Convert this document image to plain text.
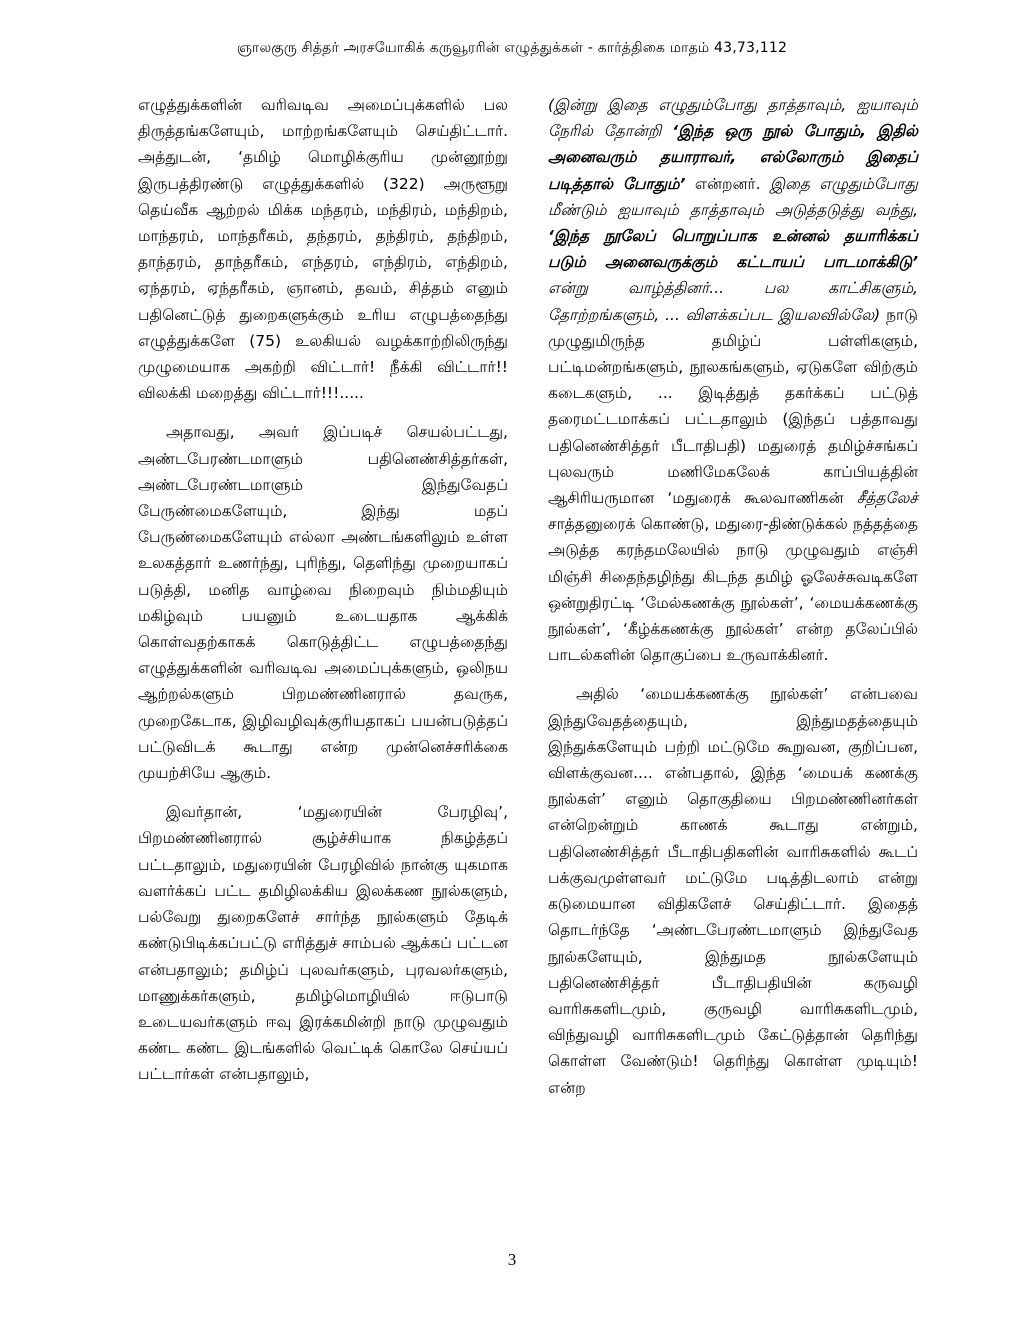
ஞாலகுரு சித்தர் அரசயோகிக் கருவூரரின் எழுத்துக்கள் - கார்த்திகை மாதம் 43,73,112

எழுத்துக்களின் வரிவடிவ அமைப்புக்களில் பல திருத்தங்களேயும், மாற்றங்களேயும் செய்திட்டார். அத்துடன், ‘தமிழ் மொழிக்குரிய முன்னூற்று இருபத்திரண்டு எழுத்துக்களில் (322) அருளூறு தெய்வீக ஆற்றல் மிக்க மந்தரம், மந்திரம், மந்திறம், மாந்தரம், மாந்தரீகம், தந்தரம், தந்திரம், தந்திறம், தாந்தரம், தாந்தரீகம், எந்தரம், எந்திரம், எந்திறம், ஏந்தரம், ஏந்தரீகம், ஞானம், தவம், சித்தம் எனும் பதினெட்டுத் துறைகளுக்கும் உரிய எழுபத்தைந்து எழுத்துக்களே (75) உலகியல் வழக்காற்றிலிருந்து முழுமையாக அகற்றி விட்டார்! நீக்கி விட்டார்!! விலக்கி மறைத்து விட்டார்!!!.....

அதாவது, அவர் இப்படிச் செயல்பட்டது, அண்டபேரண்டமாளும் பதினெண்சித்தர்கள், அண்டபேரண்டமாளும் இந்துவேதப் பேருண்மைகளேயும், இந்து மதப் பேருண்மைகளேயும் எல்லா அண்டங்களிலும் உள்ள உலகத்தார் உணர்ந்து, புரிந்து, தெளிந்து முறையாகப் படுத்தி, மனித வாழ்வை நிறைவும் நிம்மதியும் மகிழ்வும் பயனும் உடையதாக ஆக்கிக் கொள்வதற்காகக் கொடுத்திட்ட எழுபத்தைந்து எழுத்துக்களின் வரிவடிவ அமைப்புக்களும், ஒலிநய ஆற்றல்களும் பிறமண்ணினரால் தவருக, முறைகேடாக, இழிவழிவுக்குரியதாகப் பயன்படுத்தப் பட்டுவிடக் கூடாது என்ற முன்னெச்சரிக்கை முயற்சியே ஆகும்.

இவர்தான், ‘மதுரையின் பேரழிவு’, பிறமண்ணினரால் சூழ்ச்சியாக நிகழ்த்தப் பட்டதாலும், மதுரையின் பேரழிவில் நான்கு யுகமாக வளர்க்கப் பட்ட தமிழிலக்கிய இலக்கண நூல்களும், பல்வேறு துறைகளேச் சார்ந்த நூல்களும் தேடிக் கண்டுபிடிக்கப்பட்டு எரித்துச் சாம்பல் ஆக்கப் பட்டன என்பதாலும்; தமிழ்ப் புலவர்களும், புரவலர்களும், மாணுக்கர்களும், தமிழ்மொழியில் ஈடுபாடு உடையவர்களும் ஈவு இரக்கமின்றி நாடு முழுவதும் கண்ட கண்ட இடங்களில் வெட்டிக் கொலே செய்யப் பட்டார்கள் என்பதாலும்,

(இன்று இதை எழுதும்போது தாத்தாவும், ஐயாவும் நேரில் தோன்றி ‘இந்த ஒரு நூல் போதும், இதில் அனைவரும் தயாராவர், எல்லோரும் இதைப் படித்தால் போதும்’ என்றனர். இதை எழுதும்போது மீண்டும் ஐயாவும் தாத்தாவும் அடுத்தடுத்து வந்து, ‘இந்த நூலேப் பொறுப்பாக உன்னல் தயாரிக்கப் படும் அனைவருக்கும் கட்டாயப் பாடமாக்கிடு’ என்று வாழ்த்தினர்... பல காட்சிகளும், தோற்றங்களும், ... விளக்கப்பட இயலவில்லே) நாடு முழுதுமிருந்த தமிழ்ப் பள்ளிகளும், பட்டிமன்றங்களும், நூலகங்களும், ஏடுகளே விற்கும் கடைகளும், ... இடித்துத் தகர்க்கப் பட்டுத் தரைமட்டமாக்கப் பட்டதாலும் (இந்தப் பத்தாவது பதினெண்சித்தர் பீடாதிபதி) மதுரைத் தமிழ்ச்சங்கப் புலவரும் மணிமேகலேக் காப்பியத்தின் ஆசிரியருமான ‘மதுரைக் கூலவாணிகன் சீத்தலேச் சாத்தனுரைக் கொண்டு, மதுரை-திண்டுக்கல் நத்தத்தை அடுத்த கரந்தமலேயில் நாடு முழுவதும் எஞ்சி மிஞ்சி சிதைந்தழிந்து கிடந்த தமிழ் ஓலேச்சுவடிகளே ஒன்றுதிரட்டி ‘மேல்கணக்கு நூல்கள்’, ‘மையக்கணக்கு நூல்கள்’, ‘கீழ்க்கணக்கு நூல்கள்’ என்ற தலேப்பில் பாடல்களின் தொகுப்பை உருவாக்கினர்.

அதில் ‘மையக்கணக்கு நூல்கள்’ என்பவை இந்துவேதத்தையும், இந்துமதத்தையும் இந்துக்களேயும் பற்றி மட்டுமே கூறுவன, குறிப்பன, விளக்குவன.... என்பதால், இந்த ‘மையக் கணக்கு நூல்கள்’ எனும் தொகுதியை பிறமண்ணினர்கள் என்றென்றும் காணக் கூடாது என்றும், பதினெண்சித்தர் பீடாதிபதிகளின் வாரிசுகளில் கூடப் பக்குவமுள்ளவர் மட்டுமே படித்திடலாம் என்று கடுமையான விதிகளேச் செய்திட்டார். இதைத் தொடர்ந்தே ‘அண்டபேரண்டமாளும் இந்துவேத நூல்களேயும், இந்துமத நூல்களேயும் பதினெண்சித்தர் பீடாதிபதியின் கருவழி வாரிசுகளிடமும், குருவழி வாரிசுகளிடமும், விந்துவழி வாரிசுகளிடமும் கேட்டுத்தான் தெரிந்து கொள்ள வேண்டும்! தெரிந்து கொள்ள முடியும்! என்ற

3
